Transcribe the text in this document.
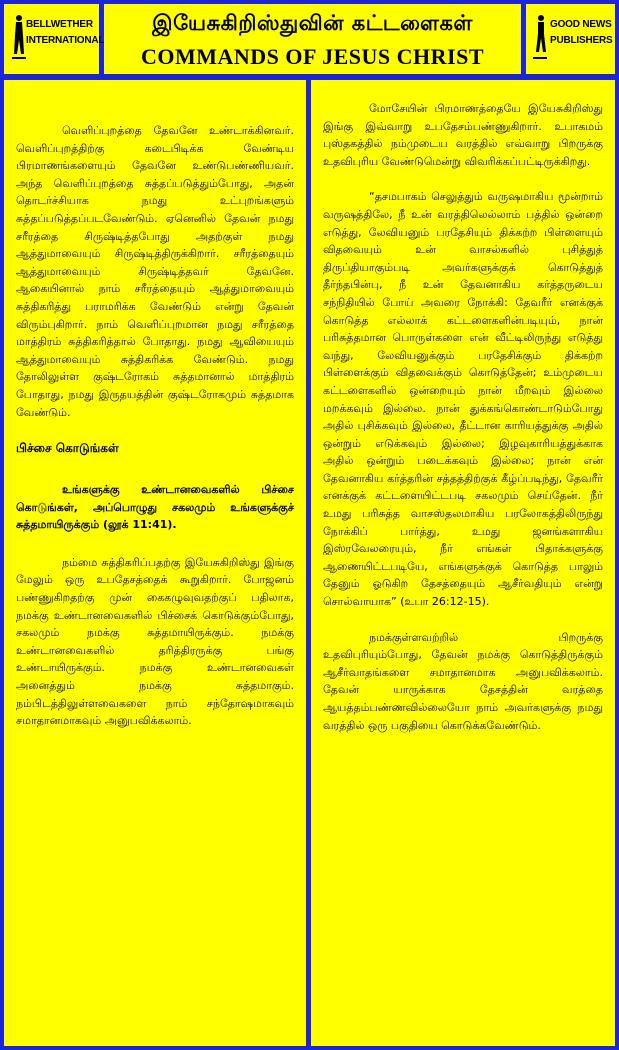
BELLWETHER
INTERNATIONAL
இயேசுகிறிஸ்துவின் கட்டளைகள்
COMMANDS OF JESUS CHRIST
GOOD NEWS
PUBLISHERS

வெளிப்புறத்தை தேவனே உண்டாக்கினவர். வெளிப்புறத்திற்கு கடைபிடிக்க வேண்டிய பிரமாணங்களையும் தேவனே உண்டுபண்ணியவர். அந்த வெளிப்புறத்தை சுத்தப்படுத்தும்போது, அதன் தொடர்ச்சியாக நமது உட்புறங்களும் சுத்தப்படுத்தப்படவேண்டும். ஏனெனில் தேவன் நமது சரீரத்தை சிருஷ்டித்தபோது அதற்குள் நமது ஆத்துமாவையும் சிருஷ்டித்திருக்கிறார். சரீரத்தையும் ஆத்துமாவையும் சிருஷ்டித்தவர் தேவனே. ஆகையினால் நாம் சரீரத்தையும் ஆத்துமாவையும் சுத்திகரித்து பராமரிக்க வேண்டும் என்று தேவன் விரும்புகிறார். நாம் வெளிப்புறமான நமது சரீரத்தை மாத்திரம் சுத்திகரித்தால் போதாது. நமது ஆவியையும் ஆத்துமாவையும் சுத்திகரிக்க வேண்டும். நமது தோலிலுள்ள குஷ்டரோகம் சுத்தமானால் மாத்திரம் போதாது, நமது இருதயத்தின் குஷ்டரோகமும் சுத்தமாக வேண்டும்.

பிச்சை கொடுங்கள்

உங்களுக்கு உண்டானவைகளில் பிச்சை கொடுங்கள், அப்பொழுது சகலமும் உங்களுக்குச் சுத்தமாயிருக்கும் (லூக் 11:41).

நம்மை சுத்திகரிப்பதற்கு இயேசுகிறிஸ்து இங்கு மேலும் ஒரு உபதேசத்தைக் கூறுகிறார். போஜனம் பண்ணுகிறதற்கு முன் கைகழுவுவதற்குப் பதிலாக, நமக்கு உண்டானவைகளில் பிச்சைக் கொடுக்கும்போது, சகலமும் நமக்கு சுத்தமாயிருக்கும். நமக்கு உண்டானவைகளில் தரித்திரருக்கு பங்கு உண்டாயிருக்கும். நமக்கு உண்டானவைகள் அனைத்தும் நமக்கு சுத்தமாகும். நம்பிடத்திலுள்ளவைகளை நாம் சந்தோஷமாகவும் சமாதானமாகவும் அனுபவிக்கலாம்.

மோசேயின் பிரமாணத்தையே இயேசுகிறிஸ்து இங்கு இவ்வாறு உபதேசம்பண்ணுகிறார். உபாகமம் புஸ்தகத்தில் நம்முடைய வரத்தில் எவ்வாறு பிறருக்கு உதவிபுரிய வேண்டுமென்று விவரிக்கப்பட்டிருக்கிறது.

“தசமபாகம் செலுத்தும் வருஷமாகிய மூன்றாம் வருஷத்திலே, நீ உன் வரத்திலெல்லாம் பத்தில் ஒன்றை எடுத்து, லேவியனும் பரதேசியும் திக்கற்ற பிள்ளையும் விதவையும் உன் வாசல்களில் புசித்துத் திருப்தியாகும்படி அவர்களுக்குக் கொடுத்துத் தீர்ந்தபின்பு, நீ உன் தேவனாகிய கர்த்தருடைய சந்நிதியில் போய் அவரை நோக்கி: தேவரீர் எனக்குக் கொடுத்த எல்லாக் கட்டளைகளின்படியும், நான் பரிசுத்தமான பொருள்களை என் வீட்டிலிருந்து எடுத்து வந்து, லேவியனுக்கும் பரதேசிக்கும் திக்கற்ற பிள்ளைக்கும் விதவைக்கும் கொடுத்தேன்; உம்முடைய கட்டளைகளில் ஒன்றையும் நான் மீறவும் இல்லை மறக்கவும் இல்லை. நான் துக்கங்கொண்டாடும்போது அதில் புசிக்கவும் இல்லை, தீட்டான காரியத்துக்கு அதில் ஒன்றும் எடுக்கவும் இல்லை; இழவுகாரியத்துக்காக அதில் ஒன்றும் படைக்கவும் இல்லை; நான் என் தேவனாகிய கர்த்தரின் சத்தத்திற்குக் கீழ்ப்படிந்து, தேவரீர் எனக்குக் கட்டளையிட்டபடி சகலமும் செய்தேன். நீர் உமது பரிசுத்த வாசஸ்தலமாகிய பரலோகத்திலிருந்து நோக்கிப் பார்த்து, உமது ஜனங்களாகிய இஸ்ரவேலரையும், நீர் எங்கள் பிதாக்களுக்கு ஆணையிட்டபடியே, எங்களுக்குக் கொடுத்த பாலும் தேனும் ஓடுகிற தேசத்தையும் ஆசீர்வதியும் என்று சொல்வாயாக” (உபா 26:12-15).

நமக்குள்ளவற்றில் பிறருக்கு உதவிபுரியும்போது, தேவன் நமக்கு கொடுத்திருக்கும் ஆசீர்வாதங்களை சமாதானமாக அனுபவிக்கலாம். தேவன் யாருக்காக தேசத்தின் வரத்தை ஆயத்தம்பண்ணவில்லையோ நாம் அவர்களுக்கு நமது வரத்தில் ஒரு பகுதியை கொடுக்கவேண்டும்.
